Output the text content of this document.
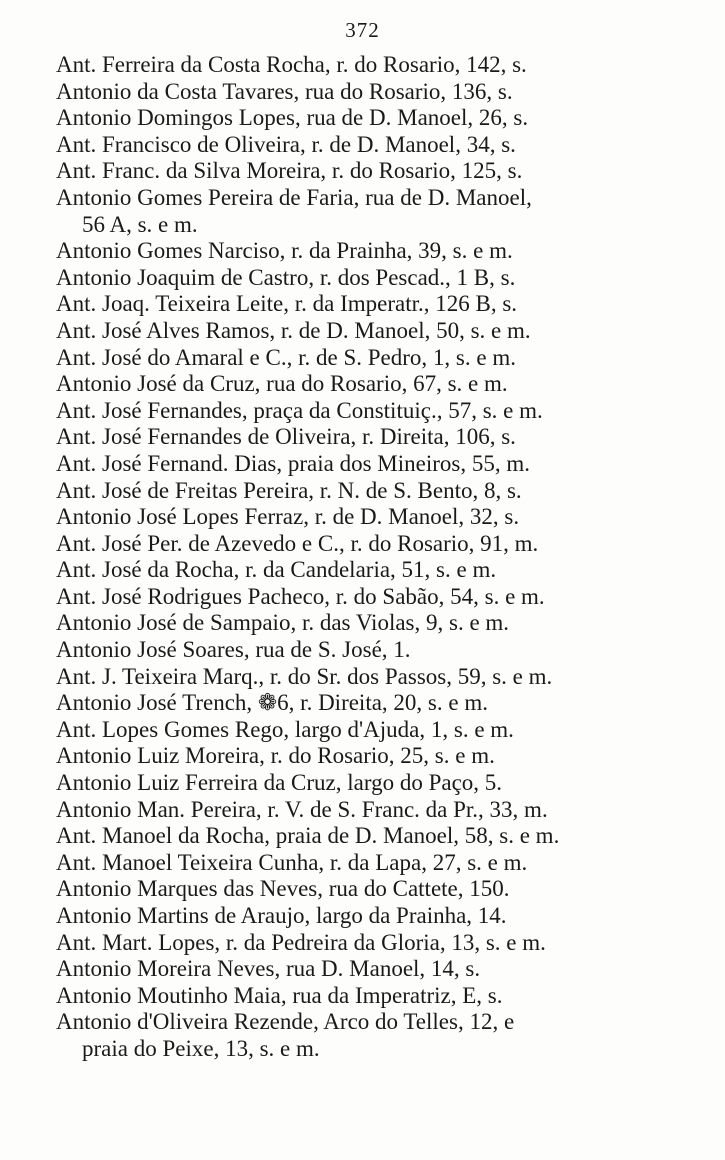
372
Ant. Ferreira da Costa Rocha, r. do Rosario, 142, s.
Antonio da Costa Tavares, rua do Rosario, 136, s.
Antonio Domingos Lopes, rua de D. Manoel, 26, s.
Ant. Francisco de Oliveira, r. de D. Manoel, 34, s.
Ant. Franc. da Silva Moreira, r. do Rosario, 125, s.
Antonio Gomes Pereira de Faria, rua de D. Manoel,
56 A, s. e m.
Antonio Gomes Narciso, r. da Prainha, 39, s. e m.
Antonio Joaquim de Castro, r. dos Pescad., 1 B, s.
Ant. Joaq. Teixeira Leite, r. da Imperatr., 126 B, s.
Ant. José Alves Ramos, r. de D. Manoel, 50, s. e m.
Ant. José do Amaral e C., r. de S. Pedro, 1, s. e m.
Antonio José da Cruz, rua do Rosario, 67, s. e m.
Ant. José Fernandes, praça da Constituiç., 57, s. e m.
Ant. José Fernandes de Oliveira, r. Direita, 106, s.
Ant. José Fernand. Dias, praia dos Mineiros, 55, m.
Ant. José de Freitas Pereira, r. N. de S. Bento, 8, s.
Antonio José Lopes Ferraz, r. de D. Manoel, 32, s.
Ant. José Per. de Azevedo e C., r. do Rosario, 91, m.
Ant. José da Rocha, r. da Candelaria, 51, s. e m.
Ant. José Rodrigues Pacheco, r. do Sabão, 54, s. e m.
Antonio José de Sampaio, r. das Violas, 9, s. e m.
Antonio José Soares, rua de S. José, 1.
Ant. J. Teixeira Marq., r. do Sr. dos Passos, 59, s. e m.
Antonio José Trench, ❁6, r. Direita, 20, s. e m.
Ant. Lopes Gomes Rego, largo d'Ajuda, 1, s. e m.
Antonio Luiz Moreira, r. do Rosario, 25, s. e m.
Antonio Luiz Ferreira da Cruz, largo do Paço, 5.
Antonio Man. Pereira, r. V. de S. Franc. da Pr., 33, m.
Ant. Manoel da Rocha, praia de D. Manoel, 58, s. e m.
Ant. Manoel Teixeira Cunha, r. da Lapa, 27, s. e m.
Antonio Marques das Neves, rua do Cattete, 150.
Antonio Martins de Araujo, largo da Prainha, 14.
Ant. Mart. Lopes, r. da Pedreira da Gloria, 13, s. e m.
Antonio Moreira Neves, rua D. Manoel, 14, s.
Antonio Moutinho Maia, rua da Imperatriz, E, s.
Antonio d'Oliveira Rezende, Arco do Telles, 12, e
praia do Peixe, 13, s. e m.
